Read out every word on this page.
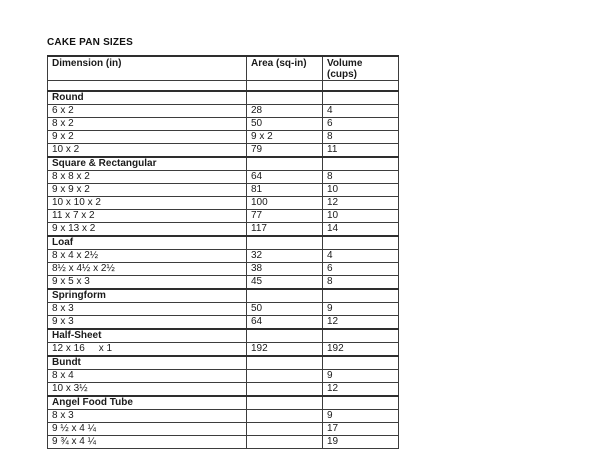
CAKE PAN SIZES
Dimension (in)	Area (sq-in)	Volume (cups)

Round		
6 x 2	28	4
8 x 2	50	6
9 x 2	9 x 2	8
10 x 2	79	11
Square & Rectangular		
8 x 8 x 2	64	8
9 x 9 x 2	81	10
10 x 10 x 2	100	12
11 x 7 x 2	77	10
9 x 13 x 2	117	14
Loaf		
8 x 4 x 2½	32	4
8½ x 4½ x 2½	38	6
9 x 5 x 3	45	8
Springform		
8 x 3	50	9
9 x 3	64	12
Half-Sheet		
12 x 16     x 1	192	192
Bundt		
8 x 4		9
10 x 3½		12
Angel Food Tube		
8 x 3		9
9 ½ x 4 ¼		17
9 ¾ x 4 ¼		19
